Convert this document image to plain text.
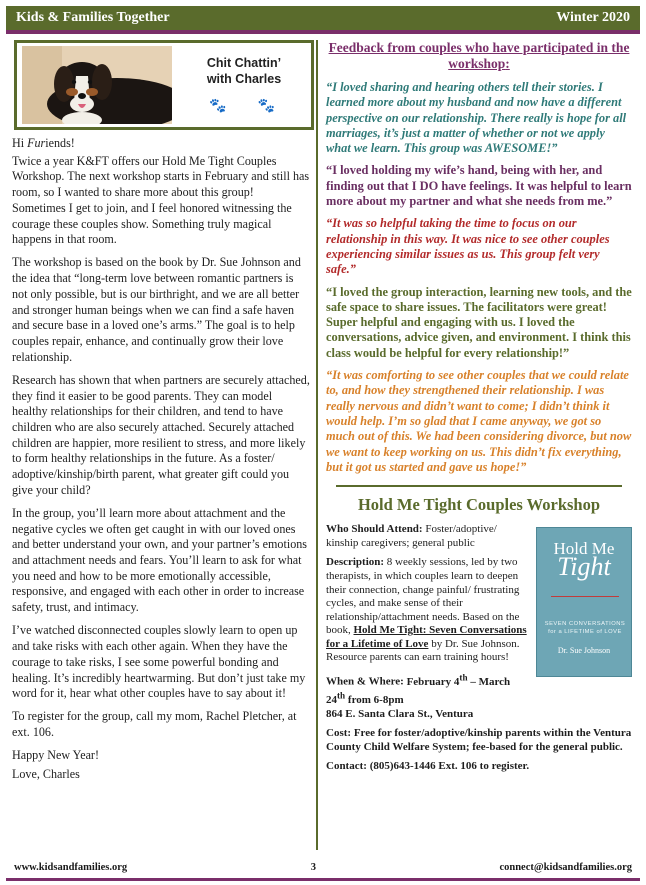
Kids & Families Together	Winter 2020
Chit Chattin’
with Charles
🐾 🐾

Hi Furiends!

Twice a year K&FT offers our Hold Me Tight Couples Workshop. The next workshop starts in February and still has room, so I wanted to share more about this group! Sometimes I get to join, and I feel honored witnessing the courage these couples show. Something truly magical happens in that room.

The workshop is based on the book by Dr. Sue Johnson and the idea that “long-term love between romantic partners is not only possible, but is our birthright, and we are all better and stronger human beings when we can find a safe haven and secure base in a loved one’s arms.” The goal is to help couples repair, enhance, and continually grow their love relationship.

Research has shown that when partners are securely attached, they find it easier to be good parents. They can model healthy relationships for their children, and tend to have children who are also securely attached. Securely attached children are happier, more resilient to stress, and more likely to form healthy relationships in the future. As a foster/ adoptive/kinship/birth parent, what greater gift could you give your child?

In the group, you’ll learn more about attachment and the negative cycles we often get caught in with our loved ones and better understand your own, and your partner’s emotions and attachment needs and fears. You’ll learn to ask for what you need and how to be more emotionally accessible, responsive, and engaged with each other in order to increase safety, trust, and intimacy.

I’ve watched disconnected couples slowly learn to open up and take risks with each other again. When they have the courage to take risks, I see some powerful bonding and healing. It’s incredibly heartwarming. But don’t just take my word for it, hear what other couples have to say about it!

To register for the group, call my mom, Rachel Pletcher, at ext. 106.

Happy New Year!

Love, Charles

Feedback from couples who have participated in the workshop:

“I loved sharing and hearing others tell their stories. I learned more about my husband and now have a different perspective on our relationship. There really is hope for all marriages, it’s just a matter of whether or not we apply what we learn. This group was AWESOME!”

“I loved holding my wife’s hand, being with her, and finding out that I DO have feelings. It was helpful to learn more about my partner and what she needs from me.”

“It was so helpful taking the time to focus on our relationship in this way. It was nice to see other couples experiencing similar issues as us. This group felt very safe.”

“I loved the group interaction, learning new tools, and the safe space to share issues. The facilitators were great! Super helpful and engaging with us. I loved the conversations, advice given, and environment. I think this class would be helpful for every relationship!”

“It was comforting to see other couples that we could relate to, and how they strengthened their relationship. I was really nervous and didn’t want to come; I didn’t think it would help. I’m so glad that I came anyway, we got so much out of this. We had been considering divorce, but now we want to keep working on us. This didn’t fix everything, but it got us started and gave us hope!”

Hold Me Tight Couples Workshop
Hold Me
Tight
SEVEN CONVERSATIONS for a LIFETIME of LOVE
Dr. Sue Johnson

Who Should Attend: Foster/adoptive/ kinship caregivers; general public

Description: 8 weekly sessions, led by two therapists, in which couples learn to deepen their connection, change painful/ frustrating cycles, and make sense of their relationship/attachment needs. Based on the book, Hold Me Tight: Seven Conversations for a Lifetime of Love by Dr. Sue Johnson. Resource parents can earn training hours!

When & Where: February 4th – March 24th from 6-8pm
864 E. Santa Clara St., Ventura

Cost: Free for foster/adoptive/kinship parents within the Ventura County Child Welfare System; fee-based for the general public.

Contact: (805)643-1446 Ext. 106 to register.

www.kidsandfamilies.org	3	connect@kidsandfamilies.org
